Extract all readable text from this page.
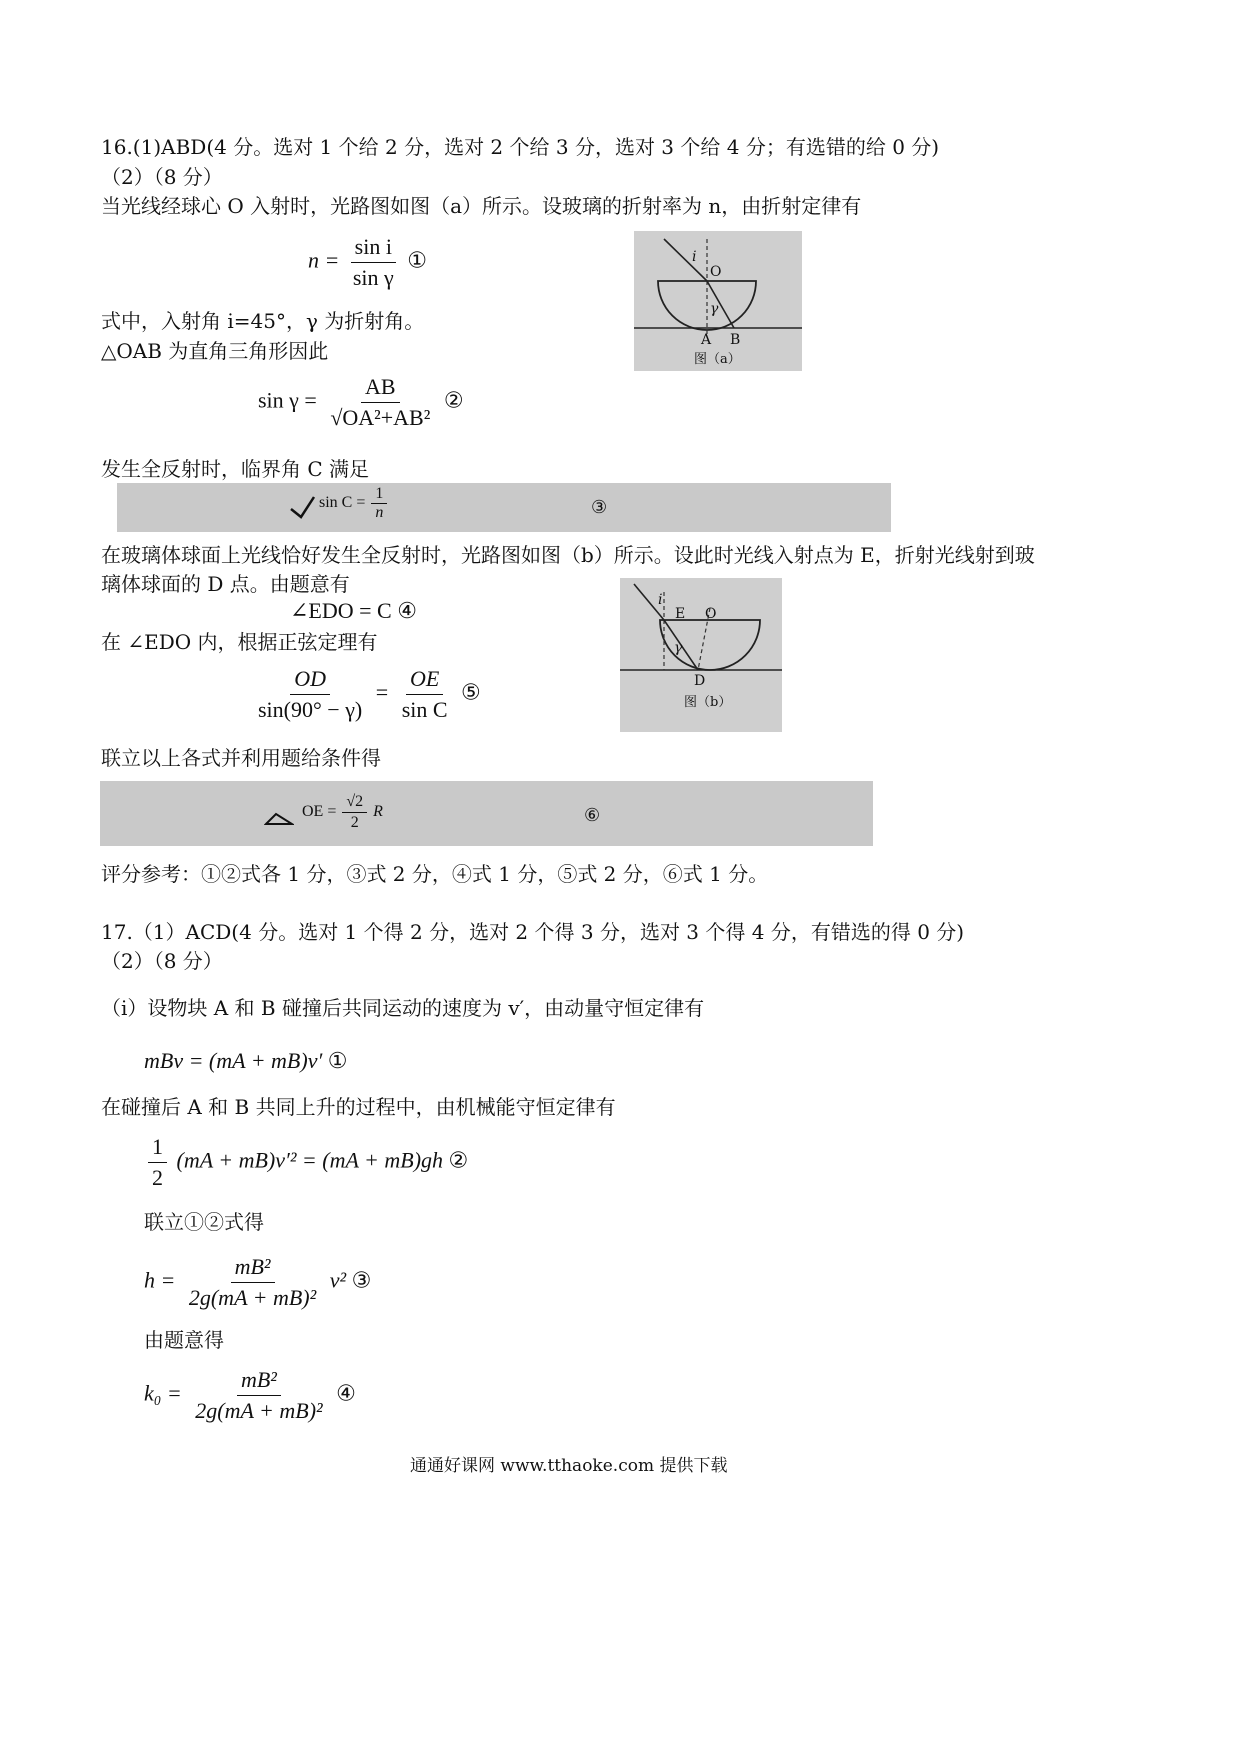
16.(1)ABD(4 分。选对 1 个给 2 分，选对 2 个给 3 分，选对 3 个给 4 分；有选错的给 0 分)
（2）（8 分）
当光线经球心 O 入射时，光路图如图（a）所示。设玻璃的折射率为 n，由折射定律有
$n = \frac{\text{sin i}}{\text{sin γ}}$ ①	i
O
γ
A B
图（a）
式中，入射角 i=45°，γ 为折射角。
△OAB 为直角三角形因此
$\sin \gamma = \frac{AB}{\text{√OA²+AB²}}$ ②
发生全反射时，临界角 C 满足
$\sin C = \frac{1}{n}$	③
在玻璃体球面上光线恰好发生全反射时，光路图如图（b）所示。设此时光线入射点为 E，折射光线射到玻
璃体球面的 D 点。由题意有
∠EDO = C ④	i
E O
γ
D
图（b）
在 ∠EDO 内，根据正弦定理有
$\frac{OD}{\sin(90^\circ - \gamma)} = \frac{OE}{\text{sin C}}$ ⑤
联立以上各式并利用题给条件得
OE = $\frac{√2}{2}$ R	⑥
评分参考：①②式各 1 分，③式 2 分，④式 1 分，⑤式 2 分，⑥式 1 分。
17.（1）ACD(4 分。选对 1 个得 2 分，选对 2 个得 3 分，选对 3 个得 4 分，有错选的得 0 分)
（2）（8 分）
（i）设物块 A 和 B 碰撞后共同运动的速度为 v′，由动量守恒定律有
mBv = (mA + mB)v′ ①
在碰撞后 A 和 B 共同上升的过程中，由机械能守恒定律有
$\frac{1}{2} (mA + mB)v'^2 = (mA + mB)gh$ ②
联立①②式得
$h = \frac{\text{mB²}}{\text{2g(mA + mB)²}} v^2$ ③
由题意得
$k_0 = \frac{\text{mB²}}{\text{2g(mA + mB)²}}$ ④
通通好课网 www.tthaoke.com 提供下载
